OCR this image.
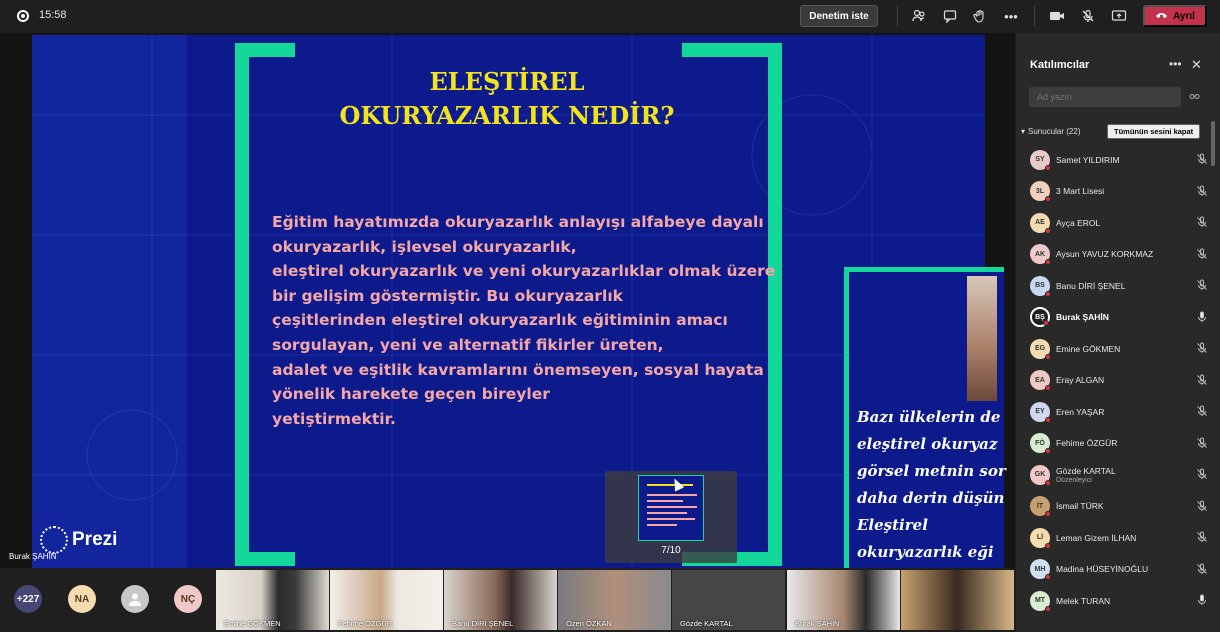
15:58	Denetim iste	•••	Ayrıl
ELEŞTİREL
OKURYAZARLIK NEDİR?
Eğitim hayatımızda okuryazarlık anlayışı alfabeye dayalı
okuryazarlık, işlevsel okuryazarlık,
eleştirel okuryazarlık ve yeni okuryazarlıklar olmak üzere
bir gelişim göstermiştir. Bu okuryazarlık
çeşitlerinden eleştirel okuryazarlık eğitiminin amacı
sorgulayan, yeni ve alternatif fikirler üreten,
adalet ve eşitlik kavramlarını önemseyen, sosyal hayata
yönelik harekete geçen bireyler
yetiştirmektir.	Bazı ülkelerin de
eleştirel okuryaz
görsel metnin sor
daha derin düşün
Eleştirel
okuryazarlık eği
7/10
Prezi
Burak ŞAHİN
Katılımcılar	••• ✕
Ad yazın
▾ Sunucular (22)	Tümünün sesini kapat
SY Samet YILDIRIM
3L 3 Mart Lisesi
AE Ayça EROL
AK Aysun YAVUZ KORKMAZ
BS Banu DİRİ ŞENEL
BŞ Burak ŞAHİN
EG Emine GÖKMEN
EA Eray ALGAN
EY Eren YAŞAR
FÖ Fehime ÖZGÜR
GK Gözde KARTAL
Düzenleyici
İT İsmail TÜRK
Lİ Leman Gizem İLHAN
MH Madina HÜSEYİNOĞLU
MT Melek TURAN
+227	NA	NÇ
Emine GÖKMEN	Fehime ÖZGÜR	Banu DİRİ ŞENEL	Özen ÖZKAN	Gözde KARTAL	Burak ŞAHİN
